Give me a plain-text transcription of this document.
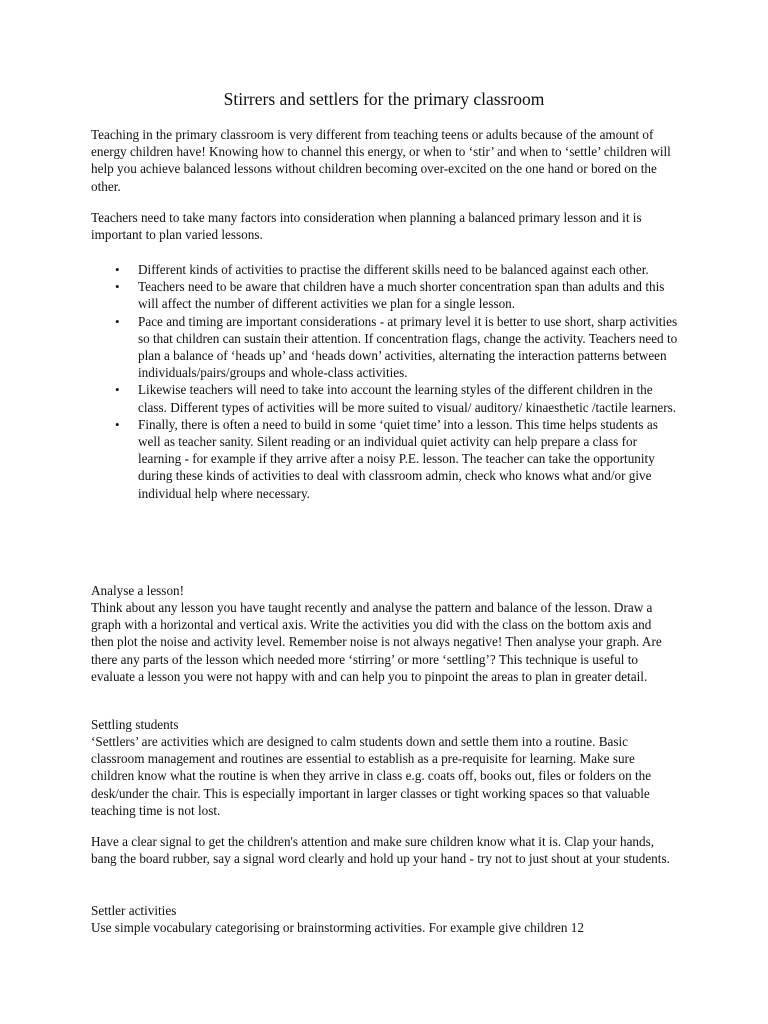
Stirrers and settlers for the primary classroom

Teaching in the primary classroom is very different from teaching teens or adults because of the amount of energy children have! Knowing how to channel this energy, or when to ‘stir’ and when to ‘settle’ children will help you achieve balanced lessons without children becoming over-excited on the one hand or bored on the other.

Teachers need to take many factors into consideration when planning a balanced primary lesson and it is important to plan varied lessons.

• Different kinds of activities to practise the different skills need to be balanced against each other.
• Teachers need to be aware that children have a much shorter concentration span than adults and this will affect the number of different activities we plan for a single lesson.
• Pace and timing are important considerations - at primary level it is better to use short, sharp activities so that children can sustain their attention. If concentration flags, change the activity. Teachers need to plan a balance of ‘heads up’ and ‘heads down’ activities, alternating the interaction patterns between individuals/pairs/groups and whole-class activities.
• Likewise teachers will need to take into account the learning styles of the different children in the class. Different types of activities will be more suited to visual/ auditory/ kinaesthetic /tactile learners.
• Finally, there is often a need to build in some ‘quiet time’ into a lesson. This time helps students as well as teacher sanity. Silent reading or an individual quiet activity can help prepare a class for learning - for example if they arrive after a noisy P.E. lesson. The teacher can take the opportunity during these kinds of activities to deal with classroom admin, check who knows what and/or give individual help where necessary.

Analyse a lesson!

Think about any lesson you have taught recently and analyse the pattern and balance of the lesson. Draw a graph with a horizontal and vertical axis. Write the activities you did with the class on the bottom axis and then plot the noise and activity level. Remember noise is not always negative! Then analyse your graph. Are there any parts of the lesson which needed more ‘stirring’ or more ‘settling’? This technique is useful to evaluate a lesson you were not happy with and can help you to pinpoint the areas to plan in greater detail.

Settling students

‘Settlers’ are activities which are designed to calm students down and settle them into a routine. Basic classroom management and routines are essential to establish as a pre-requisite for learning. Make sure children know what the routine is when they arrive in class e.g. coats off, books out, files or folders on the desk/under the chair. This is especially important in larger classes or tight working spaces so that valuable teaching time is not lost.

Have a clear signal to get the children's attention and make sure children know what it is. Clap your hands, bang the board rubber, say a signal word clearly and hold up your hand - try not to just shout at your students.

Settler activities

Use simple vocabulary categorising or brainstorming activities. For example give children 12
